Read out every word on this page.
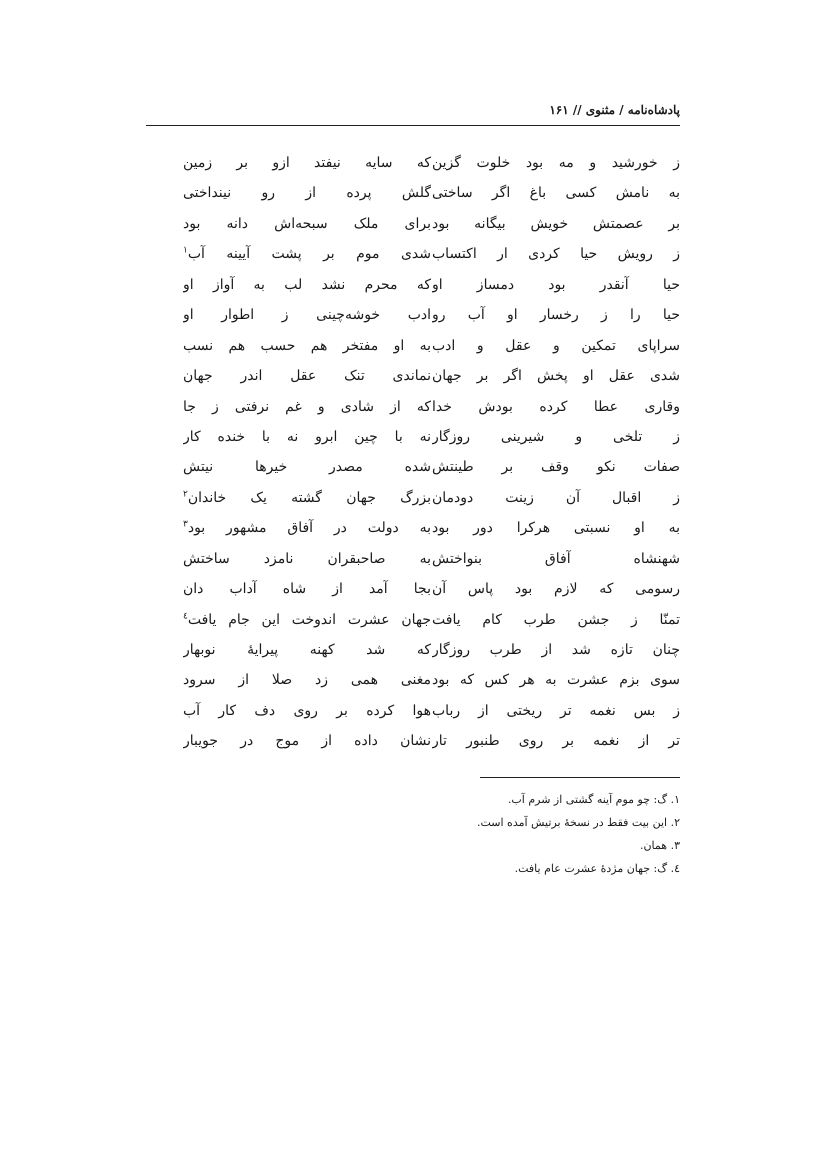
پادشاه‌نامه / مثنوی // ۱۶۱
ز خورشید و مه بود خلوت گزین
که سایه نیفتد ازو بر زمین
به نامش کسی باغ اگر ساختی
گلش پرده از رو نینداختی
بر عصمتش خویش بیگانه بود
برای ملک سبحه‌اش دانه بود
ز رویش حیا کردی ار اکتساب
شدی موم بر پشت آیینه آب$^۱$
حیا آنقدر بود دمساز او
که محرم نشد لب به آواز او
حیا را ز رخسار او آب رو
ادب خوشه‌چینی ز اطوار او
سراپای تمکین و عقل و ادب
به او مفتخر هم حسب هم نسب
شدی عقل او پخش اگر بر جهان
نماندی تنک عقل اندر جهان
وقاری عطا کرده بودش خدا
که از شادی و غم نرفتی ز جا
ز تلخی و شیرینی روزگار
نه با چین ابرو نه با خنده کار
صفات نکو وقف بر طینتش
شده مصدر خیرها نیتش
ز اقبال آن زینت دودمان
بزرگ جهان گشته یک خاندان$^۲$
به او نسبتی هرکرا دور بود
به دولت در آفاق مشهور بود$^۳$
شهنشاه آفاق بنواختش
به صاحبقران نامزد ساختش
رسومی که لازم بود پاس آن
بجا آمد از شاه آداب دان
تمنّا ز جشن طرب کام یافت
جهان عشرت اندوخت این جام یافت$^٤$
چنان تازه شد از طرب روزگار
که شد کهنه پیرایهٔ نوبهار
سوی بزم عشرت به هر کس که بود
مغنی همی زد صلا از سرود
ز بس نغمه تر ریختی از رباب
هوا کرده بر روی دف کار آب
تر از نغمه بر روی طنبور تار
نشان داده از موج در جویبار
۱. گ: چو موم آینه گشتی از شرم آب.
۲. این بیت فقط در نسخهٔ برتیش آمده است.
۳. همان.
٤. گ: جهان مژدهٔ عشرت عام یافت.
